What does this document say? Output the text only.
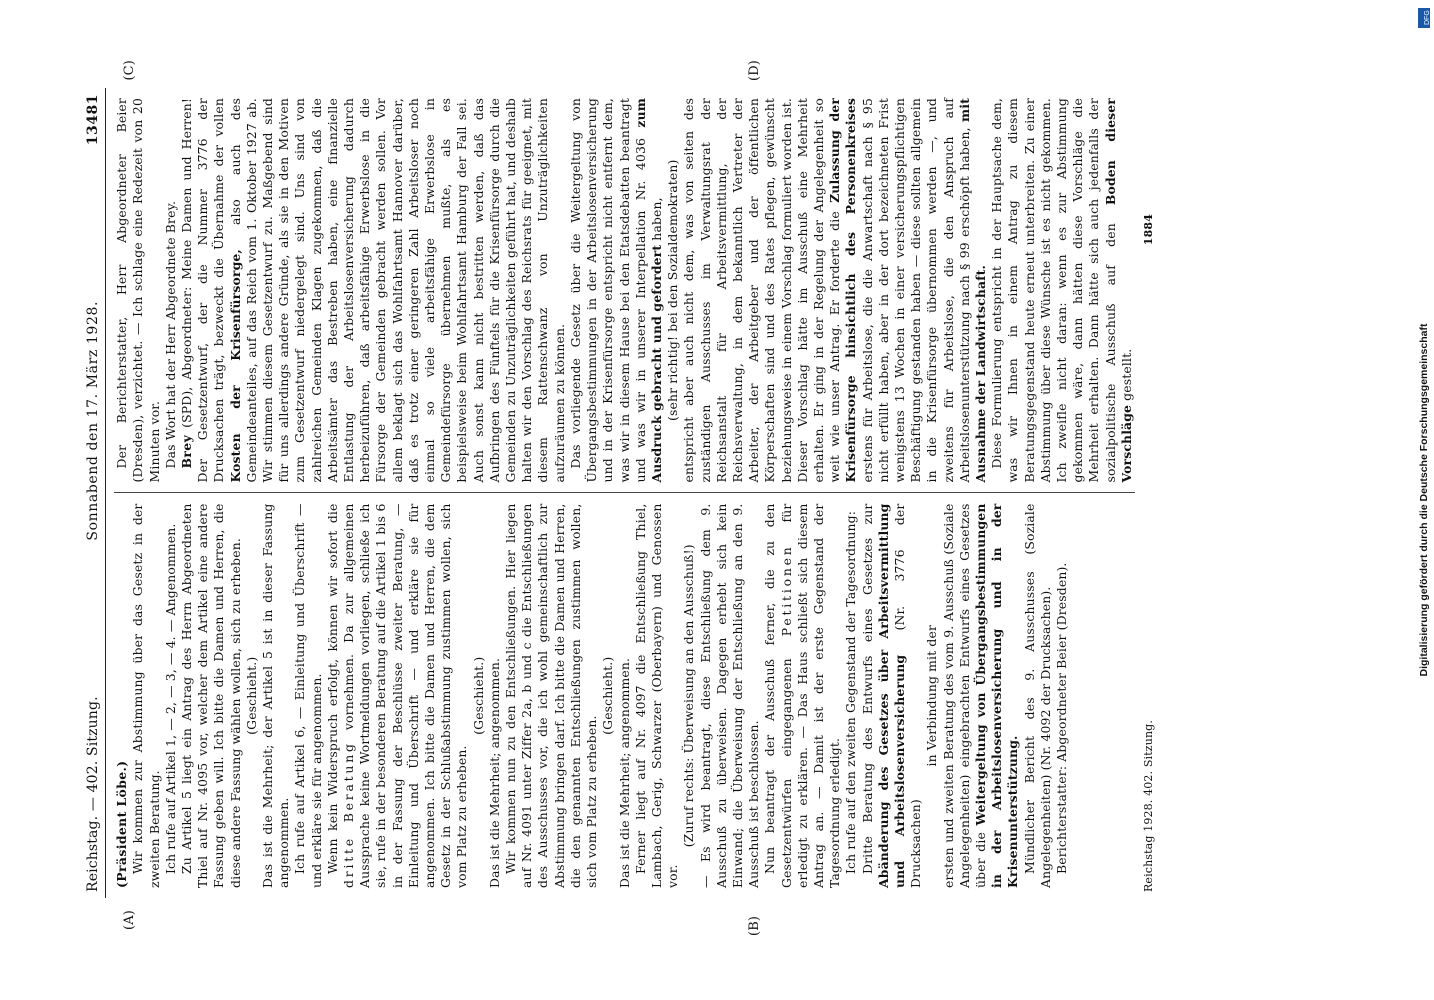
Reichstag. — 402. Sitzung.
Sonnabend den 17. März 1928.
13481
(A)	(B)
(C)	(D)

(Präsident Löbe.) Wir kommen zur Abstimmung über das Gesetz in der zweiten Beratung. Ich rufe auf Artikel 1, — 2, — 3, — 4. — Angenommen. Zu Artikel 5 liegt ein Antrag des Herrn Abgeordneten Thiel auf Nr. 4095 vor, welcher dem Artikel eine andere Fassung geben will. Ich bitte die Damen und Herren, die diese andere Fassung wählen wollen, sich zu erheben. (Geschieht.) Das ist die Mehrheit; der Artikel 5 ist in dieser Fassung angenommen. Ich rufe auf Artikel 6, — Einleitung und Überschrift — und erkläre sie für angenommen. Wenn kein Widerspruch erfolgt, können wir sofort die dritte Beratung vornehmen. Da zur allgemeinen Aussprache keine Wortmeldungen vorliegen, schließe ich sie, rufe in der besonderen Beratung auf die Artikel 1 bis 6 in der Fassung der Beschlüsse zweiter Beratung, — Einleitung und Überschrift — und erkläre sie für angenommen. Ich bitte die Damen und Herren, die dem Gesetz in der Schlußabstimmung zustimmen wollen, sich vom Platz zu erheben.

(Geschieht.) Das ist die Mehrheit; angenommen. Wir kommen nun zu den Entschließungen. Hier liegen auf Nr. 4091 unter Ziffer 2a, b und c die Entschließungen des Ausschusses vor, die ich wohl gemeinschaftlich zur Abstimmung bringen darf. Ich bitte die Damen und Herren, die den genannten Entschließungen zustimmen wollen, sich vom Platz zu erheben.

(Geschieht.) Das ist die Mehrheit; angenommen. Ferner liegt auf Nr. 4097 die Entschließung Thiel, Lambach, Gerig, Schwarzer (Oberbayern) und Genossen vor.

(Zuruf rechts: Überweisung an den Ausschuß!) — Es wird beantragt, diese Entschließung dem 9. Ausschuß zu überweisen. Dagegen erhebt sich kein Einwand; die Überweisung der Entschließung an den 9. Ausschuß ist beschlossen. Nun beantragt der Ausschuß ferner, die zu den Gesetzentwürfen eingegangenen Petitionen für erledigt zu erklären. — Das Haus schließt sich diesem Antrag an. — Damit ist der erste Gegenstand der Tagesordnung erledigt. Ich rufe auf den zweiten Gegenstand der Tagesordnung: Dritte Beratung des Entwurfs eines Gesetzes zur Abänderung des Gesetzes über Arbeitsvermittlung und Arbeitslosenversicherung (Nr. 3776 der Drucksachen)

in Verbindung mit der ersten und zweiten Beratung des vom 9. Ausschuß (Soziale Angelegenheiten) eingebrachten Entwurfs eines Gesetzes über die Weitergeltung von Übergangsbestimmungen in der Arbeitslosenversicherung und in der Krisenunterstützung. Mündlicher Bericht des 9. Ausschusses (Soziale Angelegenheiten) (Nr. 4092 der Drucksachen). Berichterstatter: Abgeordneter Beier (Dresden).

Der Berichterstatter, Herr Abgeordneter Beier (Dresden), verzichtet. — Ich schlage eine Redezeit von 20 Minuten vor. Das Wort hat der Herr Abgeordnete Brey. Brey (SPD), Abgeordneter: Meine Damen und Herren! Der Gesetzentwurf, der die Nummer 3776 der Drucksachen trägt, bezweckt die Übernahme der vollen Kosten der Krisenfürsorge, also auch des Gemeindeanteiles, auf das Reich vom 1. Oktober 1927 ab. Wir stimmen diesem Gesetzentwurf zu. Maßgebend sind für uns allerdings andere Gründe, als sie in den Motiven zum Gesetzentwurf niedergelegt sind. Uns sind von zahlreichen Gemeinden Klagen zugekommen, daß die Arbeitsämter das Bestreben haben, eine finanzielle Entlastung der Arbeitslosenversicherung dadurch herbeizuführen, daß arbeitsfähige Erwerbslose in die Fürsorge der Gemeinden gebracht werden sollen. Vor allem beklagt sich das Wohlfahrtsamt Hannover darüber, daß es trotz einer geringeren Zahl Arbeitsloser noch einmal so viele arbeitsfähige Erwerbslose in Gemeindefürsorge übernehmen mußte, als es beispielsweise beim Wohlfahrtsamt Hamburg der Fall sei. Auch sonst kann nicht bestritten werden, daß das Aufbringen des Fünftels für die Krisenfürsorge durch die Gemeinden zu Unzuträglichkeiten geführt hat, und deshalb halten wir den Vorschlag des Reichsrats für geeignet, mit diesem Rattenschwanz von Unzuträglichkeiten aufzuräumen zu können. Das vorliegende Gesetz über die Weitergeltung von Übergangsbestimmungen in der Arbeitslosenversicherung und in der Krisenfürsorge entspricht nicht entfernt dem, was wir in diesem Hause bei den Etatsdebatten beantragt und was wir in unserer Interpellation Nr. 4036 zum Ausdruck gebracht und gefordert haben, (sehr richtig! bei den Sozialdemokraten) entspricht aber auch nicht dem, was von seiten des zuständigen Ausschusses im Verwaltungsrat der Reichsanstalt für Arbeitsvermittlung, der Reichsverwaltung, in dem bekanntlich Vertreter der Arbeiter, der Arbeitgeber und der öffentlichen Körperschaften sind und des Rates pflegen, gewünscht beziehungsweise in einem Vorschlag formuliert worden ist. Dieser Vorschlag hätte im Ausschuß eine Mehrheit erhalten. Er ging in der Regelung der Angelegenheit so weit wie unser Antrag. Er forderte die Zulassung der Krisenfürsorge hinsichtlich des Personenkreises erstens für Arbeitslose, die die Anwartschaft nach § 95 nicht erfüllt haben, aber in der dort bezeichneten Frist wenigstens 13 Wochen in einer versicherungspflichtigen Beschäftigung gestanden haben — diese sollten allgemein in die Krisenfürsorge übernommen werden —, und zweitens für Arbeitslose, die den Anspruch auf Arbeitslosenunterstützung nach § 99 erschöpft haben, mit Ausnahme der Landwirtschaft. Diese Formulierung entspricht in der Hauptsache dem, was wir Ihnen in einem Antrag zu diesem Beratungsgegenstand heute erneut unterbreiten. Zu einer Abstimmung über diese Wünsche ist es nicht gekommen. Ich zweifle nicht daran: wenn es zur Abstimmung gekommen wäre, dann hätten diese Vorschläge die Mehrheit erhalten. Dann hätte sich auch jedenfalls der sozialpolitische Ausschuß auf den Boden dieser Vorschläge gestellt.

Reichstag 1928. 402. Sitzung.
1884
DFG
Digitalisierung gefördert durch die Deutsche Forschungsgemeinschaft
